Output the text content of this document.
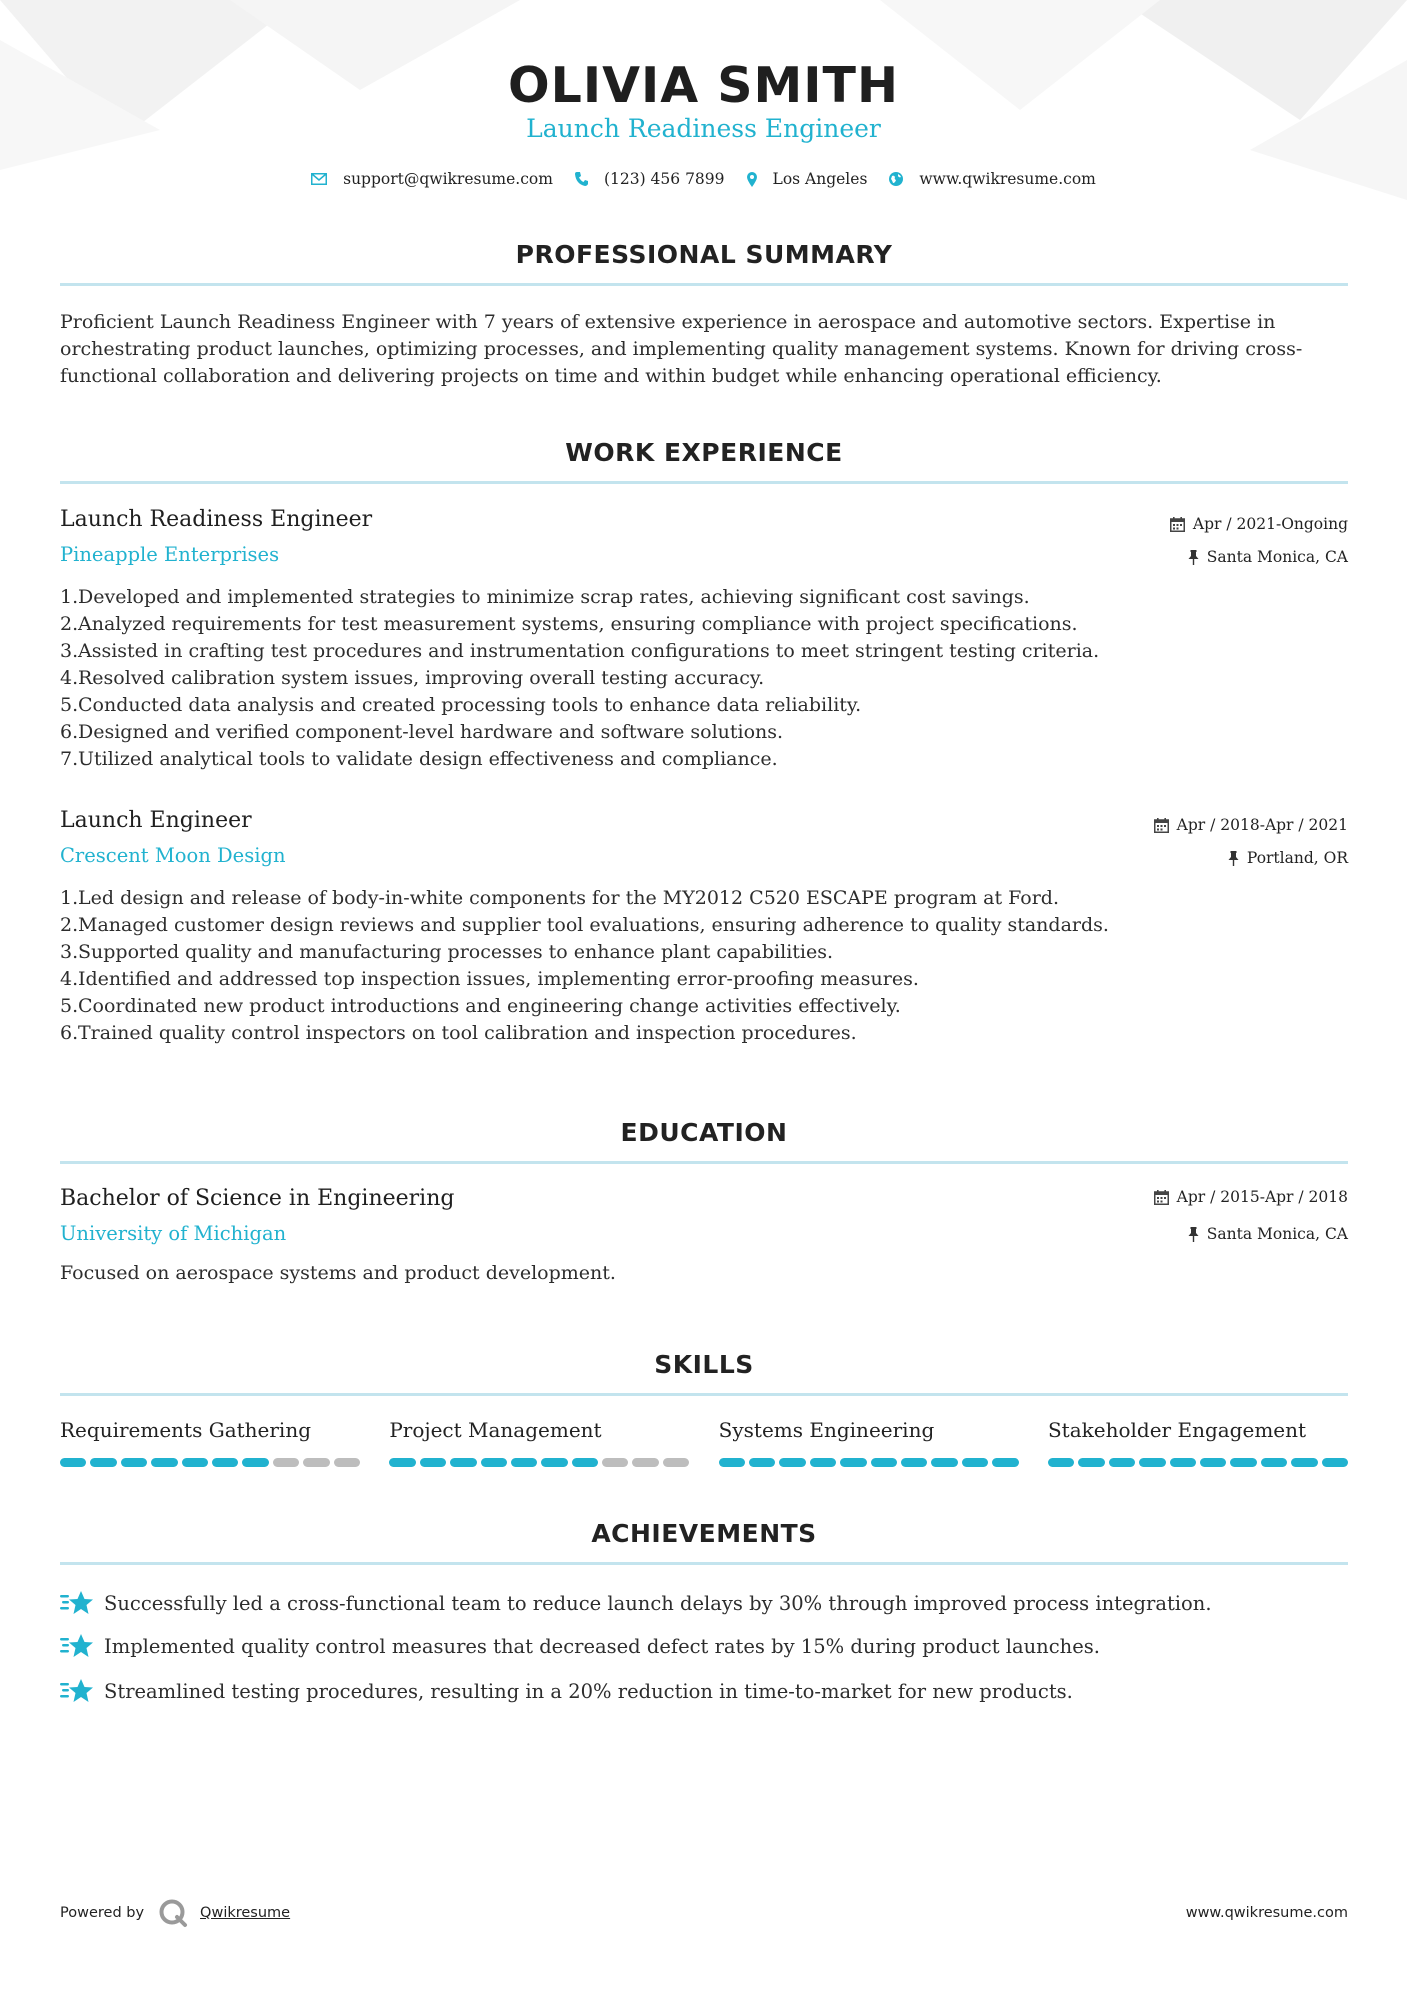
OLIVIA SMITH
Launch Readiness Engineer
support@qwikresume.com	(123) 456 7899	Los Angeles	www.qwikresume.com
PROFESSIONAL SUMMARY
Proficient Launch Readiness Engineer with 7 years of extensive experience in aerospace and automotive sectors. Expertise in orchestrating product launches, optimizing processes, and implementing quality management systems. Known for driving cross-functional collaboration and delivering projects on time and within budget while enhancing operational efficiency.
WORK EXPERIENCE
Launch Readiness Engineer
Pineapple Enterprises
Apr / 2021-Ongoing
Santa Monica, CA
1. Developed and implemented strategies to minimize scrap rates, achieving significant cost savings.
2. Analyzed requirements for test measurement systems, ensuring compliance with project specifications.
3. Assisted in crafting test procedures and instrumentation configurations to meet stringent testing criteria.
4. Resolved calibration system issues, improving overall testing accuracy.
5. Conducted data analysis and created processing tools to enhance data reliability.
6. Designed and verified component-level hardware and software solutions.
7. Utilized analytical tools to validate design effectiveness and compliance.
Launch Engineer
Crescent Moon Design
Apr / 2018-Apr / 2021
Portland, OR
1. Led design and release of body-in-white components for the MY2012 C520 ESCAPE program at Ford.
2. Managed customer design reviews and supplier tool evaluations, ensuring adherence to quality standards.
3. Supported quality and manufacturing processes to enhance plant capabilities.
4. Identified and addressed top inspection issues, implementing error-proofing measures.
5. Coordinated new product introductions and engineering change activities effectively.
6. Trained quality control inspectors on tool calibration and inspection procedures.
EDUCATION
Bachelor of Science in Engineering
University of Michigan
Apr / 2015-Apr / 2018
Santa Monica, CA
Focused on aerospace systems and product development.
SKILLS
Requirements Gathering	Project Management	Systems Engineering	Stakeholder Engagement
ACHIEVEMENTS
Successfully led a cross-functional team to reduce launch delays by 30% through improved process integration.
Implemented quality control measures that decreased defect rates by 15% during product launches.
Streamlined testing procedures, resulting in a 20% reduction in time-to-market for new products.
Powered by	Qwikresume	www.qwikresume.com
